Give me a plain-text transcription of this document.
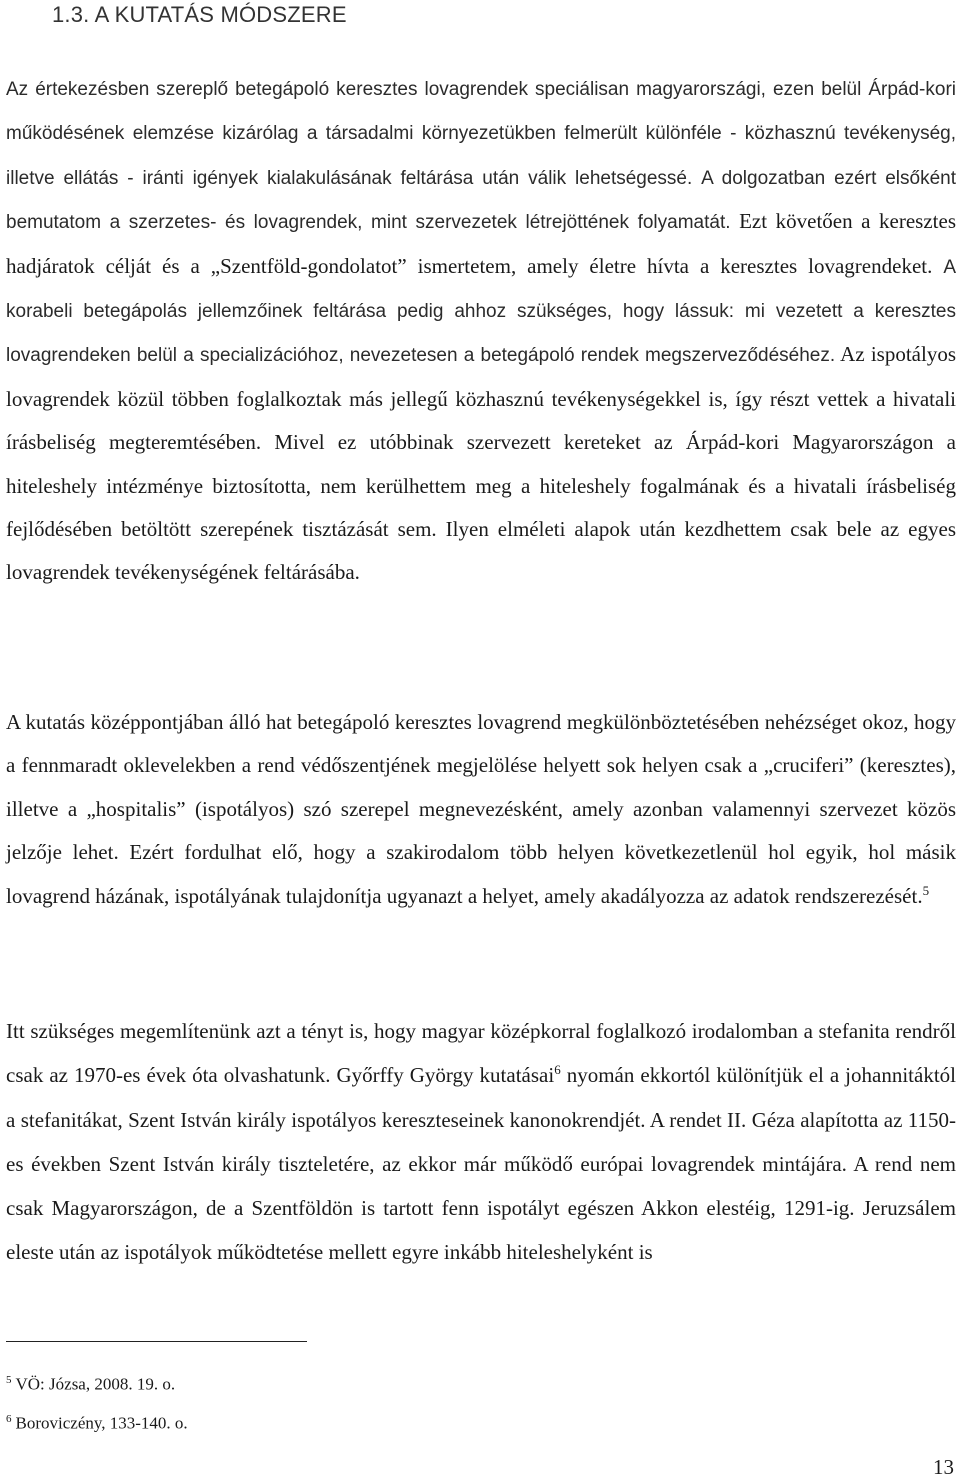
1.3. A KUTATÁS MÓDSZERE

Az értekezésben szereplő betegápoló keresztes lovagrendek speciálisan magyarországi, ezen belül Árpád-kori működésének elemzése kizárólag a társadalmi környezetükben felmerült különféle - közhasznú tevékenység, illetve ellátás - iránti igények kialakulásának feltárása után válik lehetségessé. A dolgozatban ezért elsőként bemutatom a szerzetes- és lovagrendek, mint szervezetek létrejöttének folyamatát. Ezt követően a keresztes hadjáratok célját és a „Szentföld-gondolatot” ismertetem, amely életre hívta a keresztes lovagrendeket. A korabeli betegápolás jellemzőinek feltárása pedig ahhoz szükséges, hogy lássuk: mi vezetett a keresztes lovagrendeken belül a specializációhoz, nevezetesen a betegápoló rendek megszerveződéséhez. Az ispotályos lovagrendek közül többen foglalkoztak más jellegű közhasznú tevékenységekkel is, így részt vettek a hivatali írásbeliség megteremtésében. Mivel ez utóbbinak szervezett kereteket az Árpád-kori Magyarországon a hiteleshely intézménye biztosította, nem kerülhettem meg a hiteleshely fogalmának és a hivatali írásbeliség fejlődésében betöltött szerepének tisztázását sem. Ilyen elméleti alapok után kezdhettem csak bele az egyes lovagrendek tevékenységének feltárásába.

A kutatás középpontjában álló hat betegápoló keresztes lovagrend megkülönböztetésében nehézséget okoz, hogy a fennmaradt oklevelekben a rend védőszentjének megjelölése helyett sok helyen csak a „cruciferi” (keresztes), illetve a „hospitalis” (ispotályos) szó szerepel megnevezésként, amely azonban valamennyi szervezet közös jelzője lehet. Ezért fordulhat elő, hogy a szakirodalom több helyen következetlenül hol egyik, hol másik lovagrend házának, ispotályának tulajdonítja ugyanazt a helyet, amely akadályozza az adatok rendszerezését.$^5$

Itt szükséges megemlítenünk azt a tényt is, hogy magyar középkorral foglalkozó irodalomban a stefanita rendről csak az 1970-es évek óta olvashatunk. Győrffy György kutatásai$^6$ nyomán ekkortól különítjük el a johannitáktól a stefanitákat, Szent István király ispotályos kereszteseinek kanonokrendjét. A rendet II. Géza alapította az 1150-es években Szent István király tiszteletére, az ekkor már működő európai lovagrendek mintájára. A rend nem csak Magyarországon, de a Szentföldön is tartott fenn ispotályt egészen Akkon elestéig, 1291-ig. Jeruzsálem eleste után az ispotályok működtetése mellett egyre inkább hiteleshelyként is

$^5$ VÖ: Józsa, 2008. 19. o.

$^6$ Boroviczény, 133-140. o.

13
